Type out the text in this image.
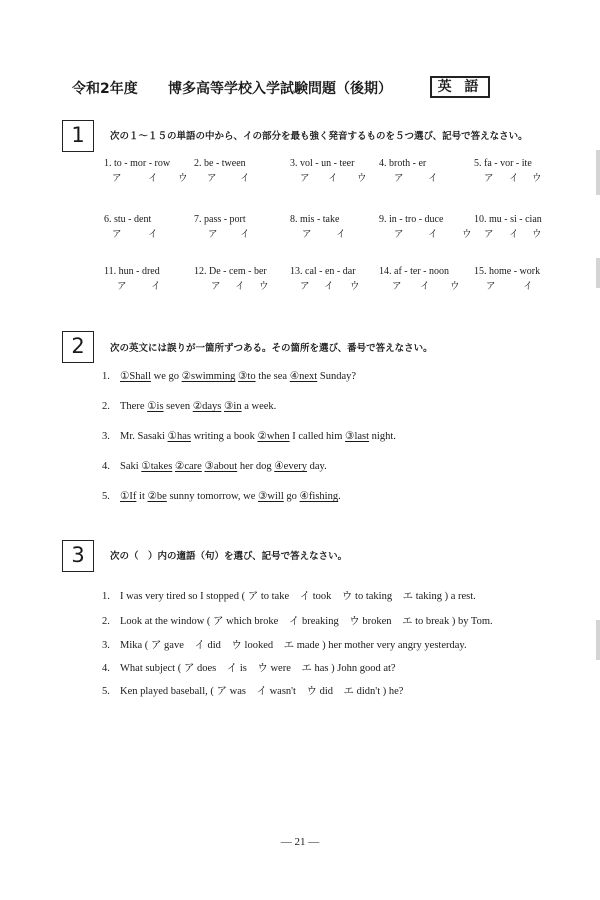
令和2年度 博多高等学校入学試験問題（後期）	英 語
1	次の１～１５の単語の中から、イの部分を最も強く発音するものを５つ選び、記号で答えなさい。
1. to - mor - row
ア	イ ウ
2. be - tween
ア イ
3. vol - un - teer
ア イ ウ
4. broth - er
ア	イ
5. fa - vor - ite
ア イ ウ
6. stu - dent
ア	イ
7. pass - port
ア イ
8. mis - take
ア	イ
9. in - tro - duce
ア	イ	ウ
10. mu - si - cian
ア イ ウ
11. hun - dred
ア	イ
12. De - cem - ber
ア イ ウ
13. cal - en - dar
ア イ ウ
14. af - ter - noon
ア イ ウ
15. home - work
ア	イ
2	次の英文には誤りが一箇所ずつある。その箇所を選び、番号で答えなさい。
1. ①Shall we go ②swimming ③to the sea ④next Sunday?
2. There ①is seven ②days ③in a week.
3. Mr. Sasaki ①has writing a book ②when I called him ③last night.
4. Saki ①takes ②care ③about her dog ④every day.
5. ①If it ②be sunny tomorrow, we ③will go ④fishing.
3	次の（　）内の適語（句）を選び、記号で答えなさい。
1. I was very tired so I stopped ( ア to take　イ took　ウ to taking　エ taking ) a rest.
2. Look at the window ( ア which broke　イ breaking　ウ broken　エ to break ) by Tom.
3. Mika ( ア gave　イ did　ウ looked　エ made ) her mother very angry yesterday.
4. What subject ( ア does　イ is　ウ were　エ has ) John good at?
5. Ken played baseball, ( ア was　イ wasn't　ウ did　エ didn't ) he?
— 21 —
